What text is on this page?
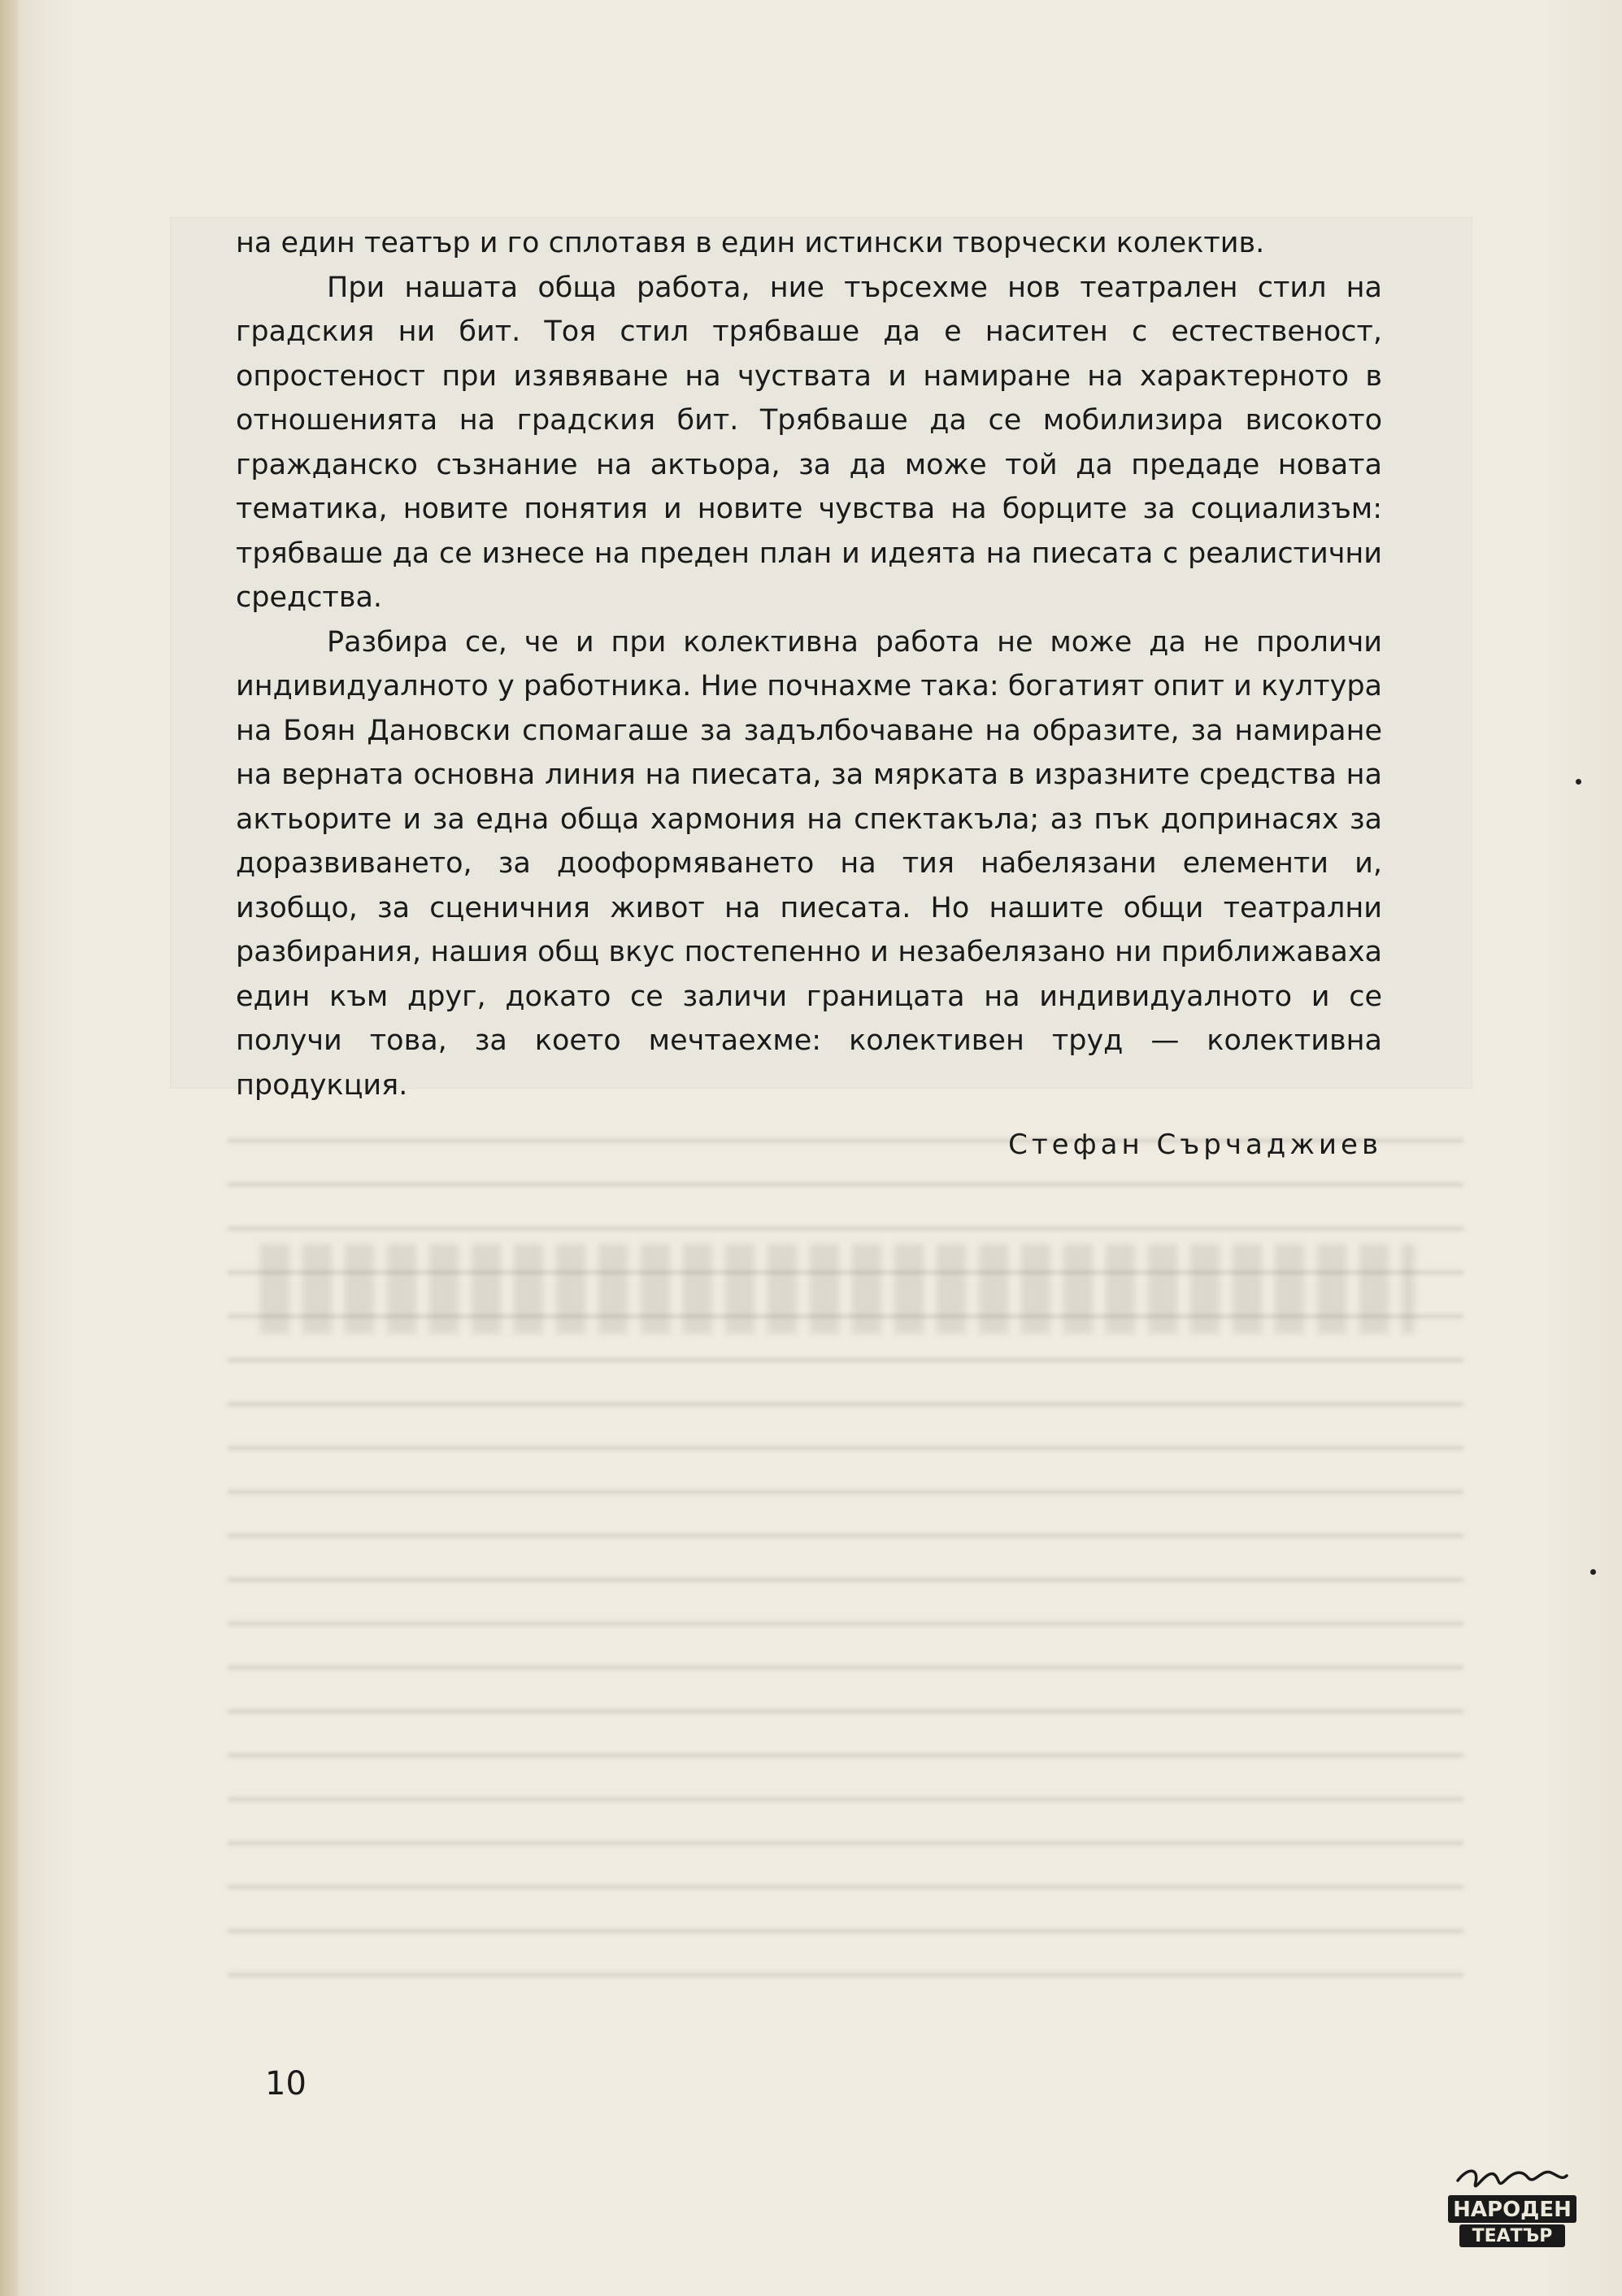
на един театър и го сплотавя в един истински творчески колектив.

При нашата обща работа, ние търсехме нов театрален стил на градския ни бит. Тоя стил трябваше да е наситен с естественост, опростеност при изявяване на чуствата и намиране на характерното в отношенията на градския бит. Трябваше да се мобилизира високото гражданско съзнание на актьора, за да може той да предаде новата тематика, новите понятия и новите чувства на борците за социализъм: трябваше да се изнесе на преден план и идеята на пиесата с реалистични средства.

Разбира се, че и при колективна работа не може да не проличи индивидуалното у работника. Ние почнахме така: богатият опит и култура на Боян Дановски спомагаше за задълбочаване на образите, за намиране на верната основна линия на пиесата, за мярката в изразните средства на актьорите и за една обща хармония на спектакъла; аз пък допринасях за доразвиването, за дооформяването на тия набелязани елементи и, изобщо, за сценичния живот на пиесата. Но нашите общи театрални разбирания, нашия общ вкус постепенно и незабелязано ни приближаваха един към друг, докато се заличи границата на индивидуалното и се получи това, за което мечтаехме: колективен труд — колективна продукция.

Стефан Сърчаджиев
10
НАРОДЕН
ТЕАТЪР
